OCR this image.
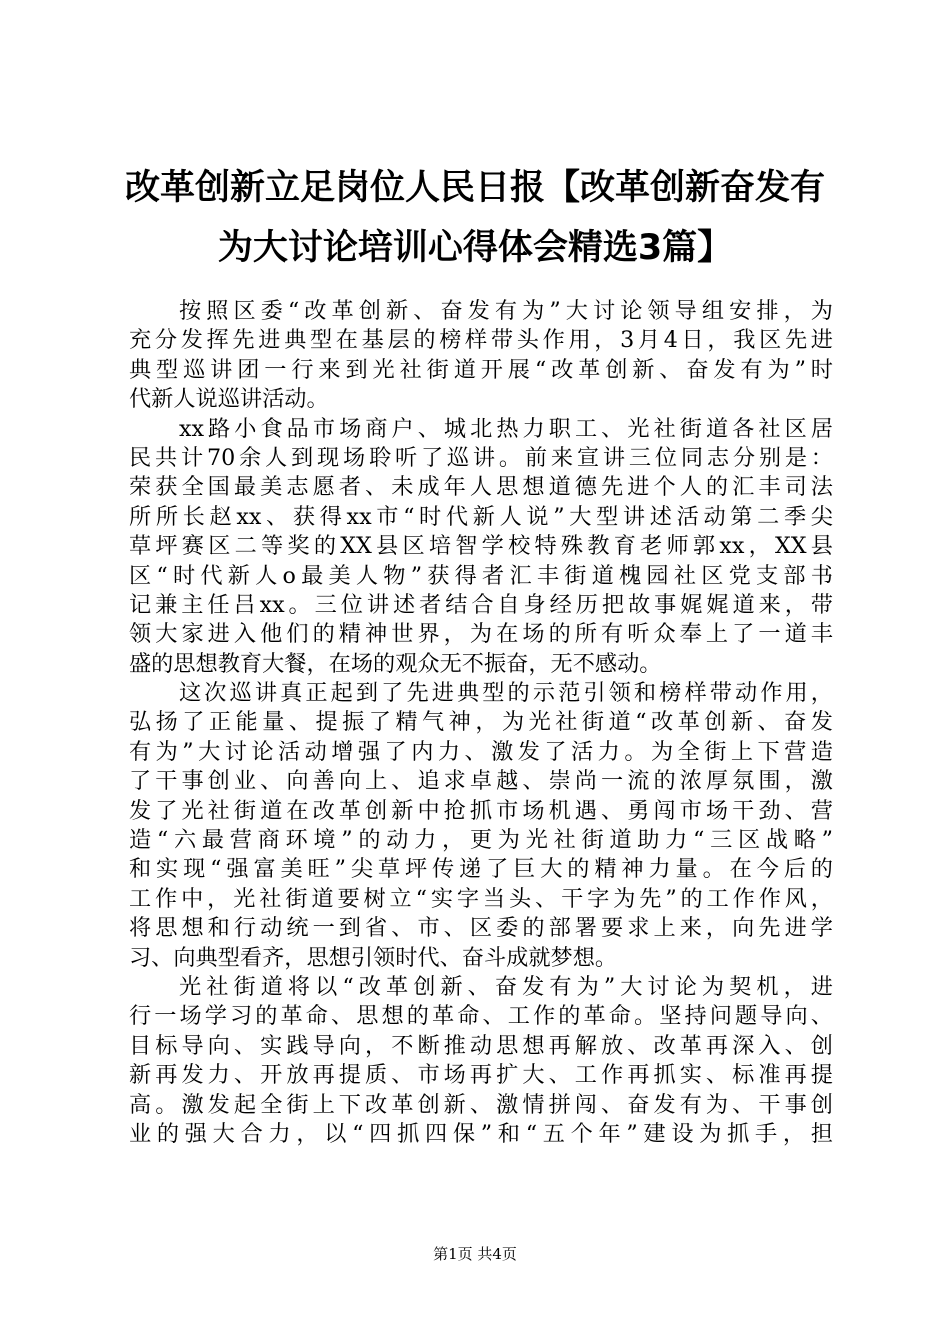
改革创新立足岗位人民日报【改革创新奋发有
为大讨论培训心得体会精选3篇】
按照区委“改革创新、奋发有为”大讨论领导组安排，为
充分发挥先进典型在基层的榜样带头作用，3月4日，我区先进
典型巡讲团一行来到光社街道开展“改革创新、奋发有为”时
代新人说巡讲活动。
xx路小食品市场商户、城北热力职工、光社街道各社区居
民共计70余人到现场聆听了巡讲。前来宣讲三位同志分别是：
荣获全国最美志愿者、未成年人思想道德先进个人的汇丰司法
所所长赵xx、获得xx市“时代新人说”大型讲述活动第二季尖
草坪赛区二等奖的XX县区培智学校特殊教育老师郭xx，XX县
区“时代新人o最美人物”获得者汇丰街道槐园社区党支部书
记兼主任吕xx。三位讲述者结合自身经历把故事娓娓道来，带
领大家进入他们的精神世界，为在场的所有听众奉上了一道丰
盛的思想教育大餐，在场的观众无不振奋，无不感动。
这次巡讲真正起到了先进典型的示范引领和榜样带动作用，
弘扬了正能量、提振了精气神，为光社街道“改革创新、奋发
有为”大讨论活动增强了内力、激发了活力。为全街上下营造
了干事创业、向善向上、追求卓越、崇尚一流的浓厚氛围，激
发了光社街道在改革创新中抢抓市场机遇、勇闯市场干劲、营
造“六最营商环境”的动力，更为光社街道助力“三区战略”
和实现“强富美旺”尖草坪传递了巨大的精神力量。在今后的
工作中，光社街道要树立“实字当头、干字为先”的工作作风，
将思想和行动统一到省、市、区委的部署要求上来，向先进学
习、向典型看齐，思想引领时代、奋斗成就梦想。
光社街道将以“改革创新、奋发有为”大讨论为契机，进
行一场学习的革命、思想的革命、工作的革命。坚持问题导向、
目标导向、实践导向，不断推动思想再解放、改革再深入、创
新再发力、开放再提质、市场再扩大、工作再抓实、标准再提
高。激发起全街上下改革创新、激情拼闯、奋发有为、干事创
业的强大合力，以“四抓四保”和“五个年”建设为抓手，担
第1页 共4页
